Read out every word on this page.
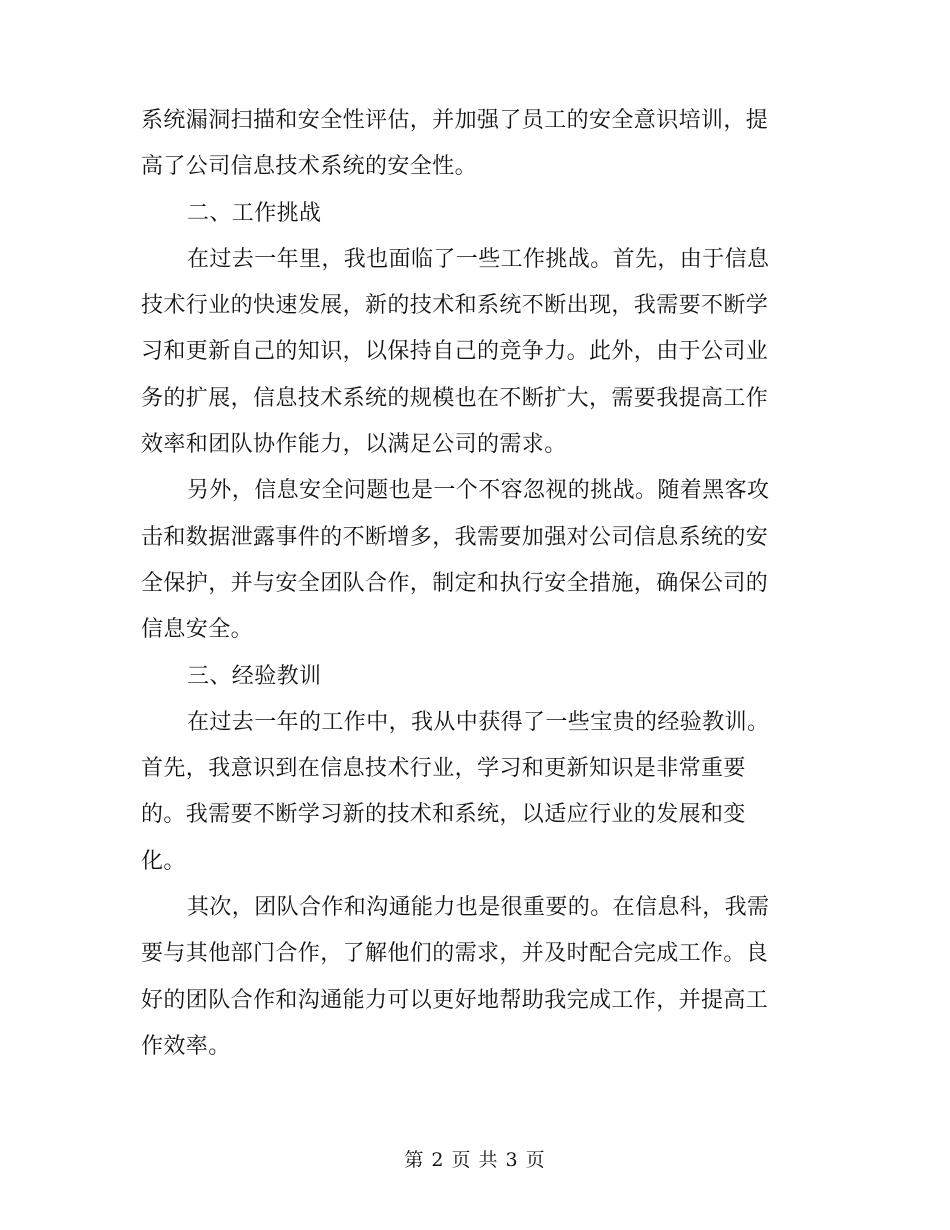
系统漏洞扫描和安全性评估，并加强了员工的安全意识培训，提
高了公司信息技术系统的安全性。
二、工作挑战
在过去一年里，我也面临了一些工作挑战。首先，由于信息
技术行业的快速发展，新的技术和系统不断出现，我需要不断学
习和更新自己的知识，以保持自己的竞争力。此外，由于公司业
务的扩展，信息技术系统的规模也在不断扩大，需要我提高工作
效率和团队协作能力，以满足公司的需求。
另外，信息安全问题也是一个不容忽视的挑战。随着黑客攻
击和数据泄露事件的不断增多，我需要加强对公司信息系统的安
全保护，并与安全团队合作，制定和执行安全措施，确保公司的
信息安全。
三、经验教训
在过去一年的工作中，我从中获得了一些宝贵的经验教训。
首先，我意识到在信息技术行业，学习和更新知识是非常重要
的。我需要不断学习新的技术和系统，以适应行业的发展和变
化。
其次，团队合作和沟通能力也是很重要的。在信息科，我需
要与其他部门合作，了解他们的需求，并及时配合完成工作。良
好的团队合作和沟通能力可以更好地帮助我完成工作，并提高工
作效率。
第 2 页 共 3 页
